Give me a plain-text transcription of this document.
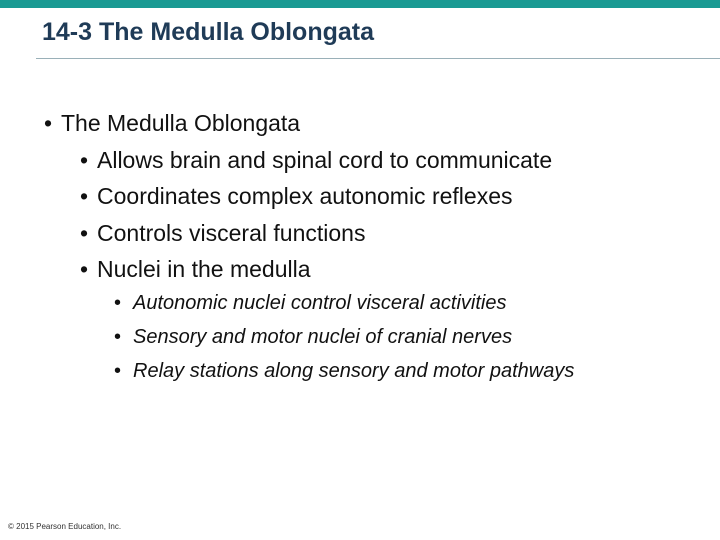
14-3 The Medulla Oblongata
• The Medulla Oblongata
• Allows brain and spinal cord to communicate
• Coordinates complex autonomic reflexes
• Controls visceral functions
• Nuclei in the medulla
• Autonomic nuclei control visceral activities
• Sensory and motor nuclei of cranial nerves
• Relay stations along sensory and motor pathways
© 2015 Pearson Education, Inc.
